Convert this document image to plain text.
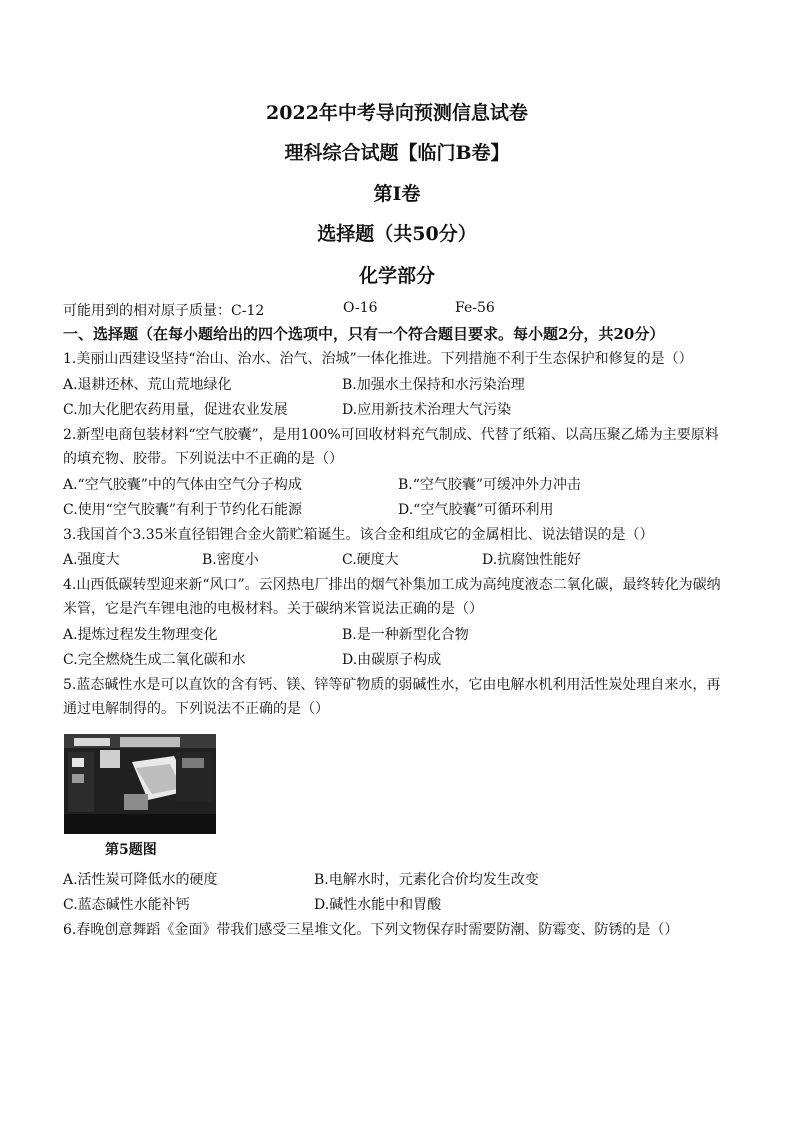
2022年中考导向预测信息试卷
理科综合试题【临门B卷】
第I卷
选择题（共50分）
化学部分
可能用到的相对原子质量：C-12	O-16	Fe-56
一、选择题（在每小题给出的四个选项中，只有一个符合题目要求。每小题2分，共20分）
1.美丽山西建设坚持“治山、治水、治气、治城”一体化推进。下列措施不利于生态保护和修复的是（）
A.退耕还林、荒山荒地绿化	B.加强水土保持和水污染治理
C.加大化肥农药用量，促进农业发展	D.应用新技术治理大气污染
2.新型电商包装材料“空气胶囊”，是用100%可回收材料充气制成、代替了纸箱、以高压聚乙烯为主要原料
的填充物、胶带。下列说法中不正确的是（）
A.“空气胶囊”中的气体由空气分子构成	B.“空气胶囊”可缓冲外力冲击
C.使用“空气胶囊”有利于节约化石能源	D.“空气胶囊”可循环利用
3.我国首个3.35米直径铝锂合金火箭贮箱诞生。该合金和组成它的金属相比、说法错误的是（）
A.强度大	B.密度小	C.硬度大	D.抗腐蚀性能好
4.山西低碳转型迎来新“风口”。云冈热电厂排出的烟气补集加工成为高纯度液态二氧化碳，最终转化为碳纳
米管，它是汽车锂电池的电极材料。关于碳纳米管说法正确的是（）
A.提炼过程发生物理变化	B.是一种新型化合物
C.完全燃烧生成二氧化碳和水	D.由碳原子构成
5.蓝态碱性水是可以直饮的含有钙、镁、锌等矿物质的弱碱性水，它由电解水机利用活性炭处理自来水，再
通过电解制得的。下列说法不正确的是（）
第5题图
A.活性炭可降低水的硬度	B.电解水时，元素化合价均发生改变
C.蓝态碱性水能补钙	D.碱性水能中和胃酸
6.春晚创意舞蹈《金面》带我们感受三星堆文化。下列文物保存时需要防潮、防霉变、防锈的是（）
